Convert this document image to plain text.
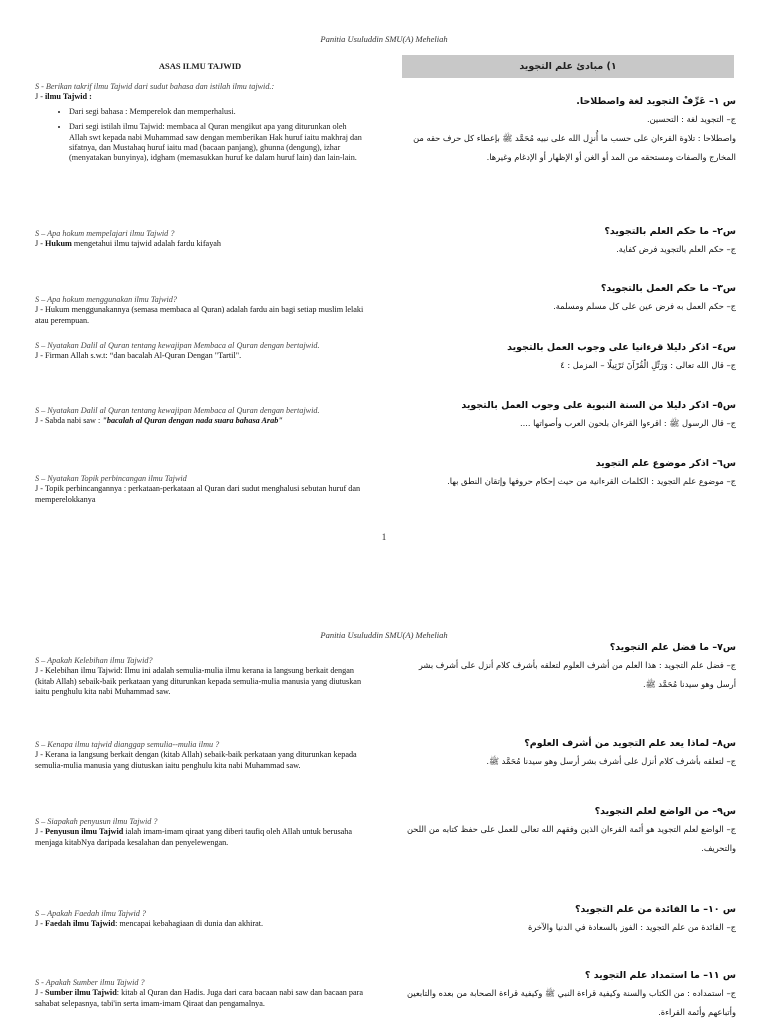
Panitia Usuluddin SMU(A) Meheliah
ASAS ILMU TAJWID	١) مبادئ علم التجويد
S - Berikan takrif ilmu Tajwid dari sudut bahasa dan istilah ilmu tajwid.:
J - ilmu Tajwid :
• Dari segi bahasa : Memperelok dan memperhalusi.
• Dari segi istilah ilmu Tajwid: membaca al Quran mengikut apa yang diturunkan oleh Allah swt kepada nabi Muhammad saw dengan memberikan Hak huruf iaitu makhraj dan sifatnya, dan Mustahaq huruf iaitu mad (bacaan panjang), ghunna (dengung), izhar (menyatakan bunyinya), idgham (memasukkan huruf ke dalam huruf lain) dan lain-lain.
S – Apa hokum mempelajari ilmu Tajwid ?
J - Hukum mengetahui ilmu tajwid adalah fardu kifayah
S – Apa hokum menggunakan ilmu Tajwid?
J - Hukum menggunakannya (semasa membaca al Quran) adalah fardu ain bagi setiap muslim lelaki atau perempuan.
S – Nyatakan Dalil al Quran tentang kewajipan Membaca al Quran dengan bertajwid.
J - Firman Allah s.w.t: “dan bacalah Al-Quran Dengan "Tartil".
S – Nyatakan Dalil al Quran tentang kewajipan Membaca al Quran dengan bertajwid.
J - Sabda nabi saw : "bacalah al Quran dengan nada suara bahasa Arab"
S – Nyatakan Topik perbincangan ilmu Tajwid
J - Topik perbincangannya : perkataan-perkataan al Quran dari sudut menghalusi sebutan huruf dan memperelokkanya
س ١– عَرِّفْ التجويد لغة واصطلاحا.
ج– التجويد لغة : التحسين.
واصطلاحا : تلاوة القرءان على حسب ما أُنزِل الله على نبيه مُحَمَّد ﷺ بإعطاء كل حرف حقه من المخارج والصفات ومستحقه من المد أو الغن أو الإظهار أو الإدغام وغيرها.
س٢– ما حكم العلم بالتجويد؟
ج– حكم العلم بالتجويد فرض كفاية.
س٣– ما حكم العمل بالتجويد؟
ج– حكم العمل به فرض عين على كل مسلم ومسلمة.
س٤– اذكر دليلا قرءانيا على وجوب العمل بالتجويد
ج– قال الله تعالى : وَرَتِّلِ الْقُرْآنَ تَرْتِيلًا – المزمل : ٤
س٥– اذكر دليلا من السنة النبوية على وجوب العمل بالتجويد
ج– قال الرسول ﷺ : اقرءوا القرءان بلحون العرب وأصواتها ....
س٦– اذكر موضوع علم التجويد
ج– موضوع علم التجويد : الكلمات القرءانية من حيث إحكام حروفها وإتقان النطق بها.
1
Panitia Usuluddin SMU(A) Meheliah
S – Apakah Kelebihan ilmu Tajwid?
J - Kelebihan ilmu Tajwid: Ilmu ini adalah semulia-mulia ilmu kerana ia langsung berkait dengan (kitab Allah) sebaik-baik perkataan yang diturunkan kepada semulia-mulia manusia yang diutuskan iaitu penghulu kita nabi Muhammad saw.
S – Kenapa ilmu tajwid dianggap semulia--mulia ilmu ?
J - Kerana ia langsung berkait dengan (kitab Allah) sebaik-baik perkataan yang diturunkan kepada semulia-mulia manusia yang diutuskan iaitu penghulu kita nabi Muhammad saw.
S – Siapakah penyusun ilmu Tajwid ?
J - Penyusun ilmu Tajwid ialah imam-imam qiraat yang diberi taufiq oleh Allah untuk berusaha menjaga kitabNya daripada kesalahan dan penyelewengan.
S – Apakah Faedah ilmu Tajwid ?
J - Faedah ilmu Tajwid: mencapai kebahagiaan di dunia dan akhirat.
S - Apakah Sumber ilmu Tajwid ?
J - Sumber ilmu Tajwid: kitab al Quran dan Hadis. Juga dari cara bacaan nabi saw dan bacaan para sahabat selepasnya, tabi'in serta imam-imam Qiraat dan pengamalnya.
س٧– ما فضل علم التجويد؟
ج– فضل علم التجويد : هذا العلم من أشرف العلوم لتعلقه بأشرف كلام أنزل على أشرف بشر أرسل وهو سيدنا مُحَمَّد ﷺ.
س٨– لماذا يعد علم التجويد من أشرف العلوم؟
ج– لتعلقه بأشرف كلام أنزل على أشرف بشر أرسل وهو سيدنا مُحَمَّد ﷺ.
س٩– من الواضع لعلم التجويد؟
ج– الواضع لعلم التجويد هو أئمة القرءان الذين وفقهم الله تعالى للعمل على حفظ كتابه من اللحن والتحريف.
س ١٠– ما الفائدة من علم التجويد؟
ج– الفائدة من علم التجويد : الفوز بالسعادة في الدنيا والآخرة
س ١١– ما استمداد علم التجويد ؟
ج– استمداده : من الكتاب والسنة وكيفية قراءة النبي ﷺ وكيفية قراءة الصحابة من بعده والتابعين وأتباعهم وأئمة القراءة.
